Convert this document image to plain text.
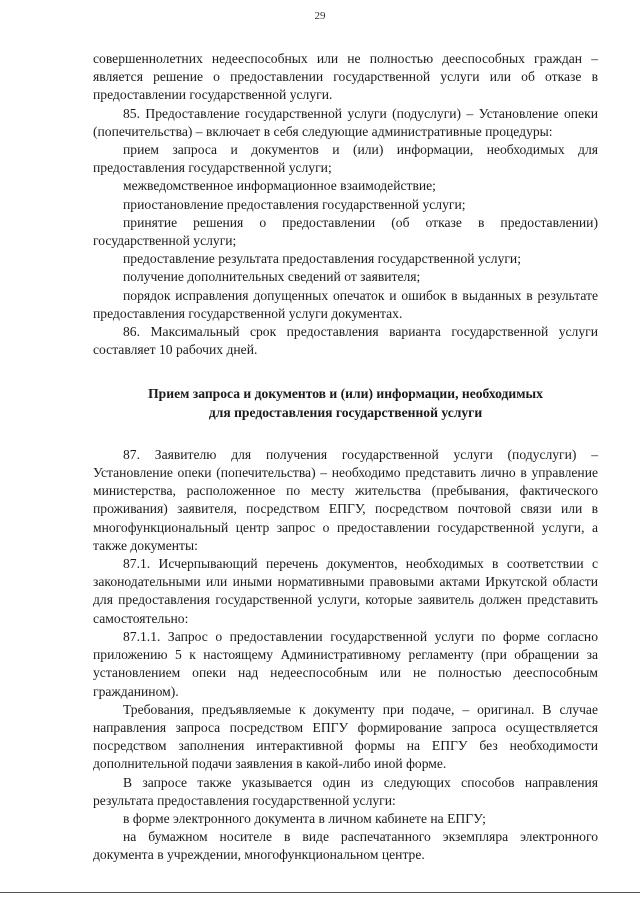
29

совершеннолетних недееспособных или не полностью дееспособных граждан – является решение о предоставлении государственной услуги или об отказе в предоставлении государственной услуги.

85. Предоставление государственной услуги (подуслуги) – Установление опеки (попечительства) – включает в себя следующие административные процедуры:

прием запроса и документов и (или) информации, необходимых для предоставления государственной услуги;

межведомственное информационное взаимодействие;

приостановление предоставления государственной услуги;

принятие решения о предоставлении (об отказе в предоставлении) государственной услуги;

предоставление результата предоставления государственной услуги;

получение дополнительных сведений от заявителя;

порядок исправления допущенных опечаток и ошибок в выданных в результате предоставления государственной услуги документах.

86. Максимальный срок предоставления варианта государственной услуги составляет 10 рабочих дней.

Прием запроса и документов и (или) информации, необходимых
для предоставления государственной услуги

87. Заявителю для получения государственной услуги (подуслуги) – Установление опеки (попечительства) – необходимо представить лично в управление министерства, расположенное по месту жительства (пребывания, фактического проживания) заявителя, посредством ЕПГУ, посредством почтовой связи или в многофункциональный центр запрос о предоставлении государственной услуги, а также документы:

87.1. Исчерпывающий перечень документов, необходимых в соответствии с законодательными или иными нормативными правовыми актами Иркутской области для предоставления государственной услуги, которые заявитель должен представить самостоятельно:

87.1.1. Запрос о предоставлении государственной услуги по форме согласно приложению 5 к настоящему Административному регламенту (при обращении за установлением опеки над недееспособным или не полностью дееспособным гражданином).

Требования, предъявляемые к документу при подаче, – оригинал. В случае направления запроса посредством ЕПГУ формирование запроса осуществляется посредством заполнения интерактивной формы на ЕПГУ без необходимости дополнительной подачи заявления в какой-либо иной форме.

В запросе также указывается один из следующих способов направления результата предоставления государственной услуги:

в форме электронного документа в личном кабинете на ЕПГУ;

на бумажном носителе в виде распечатанного экземпляра электронного документа в учреждении, многофункциональном центре.
